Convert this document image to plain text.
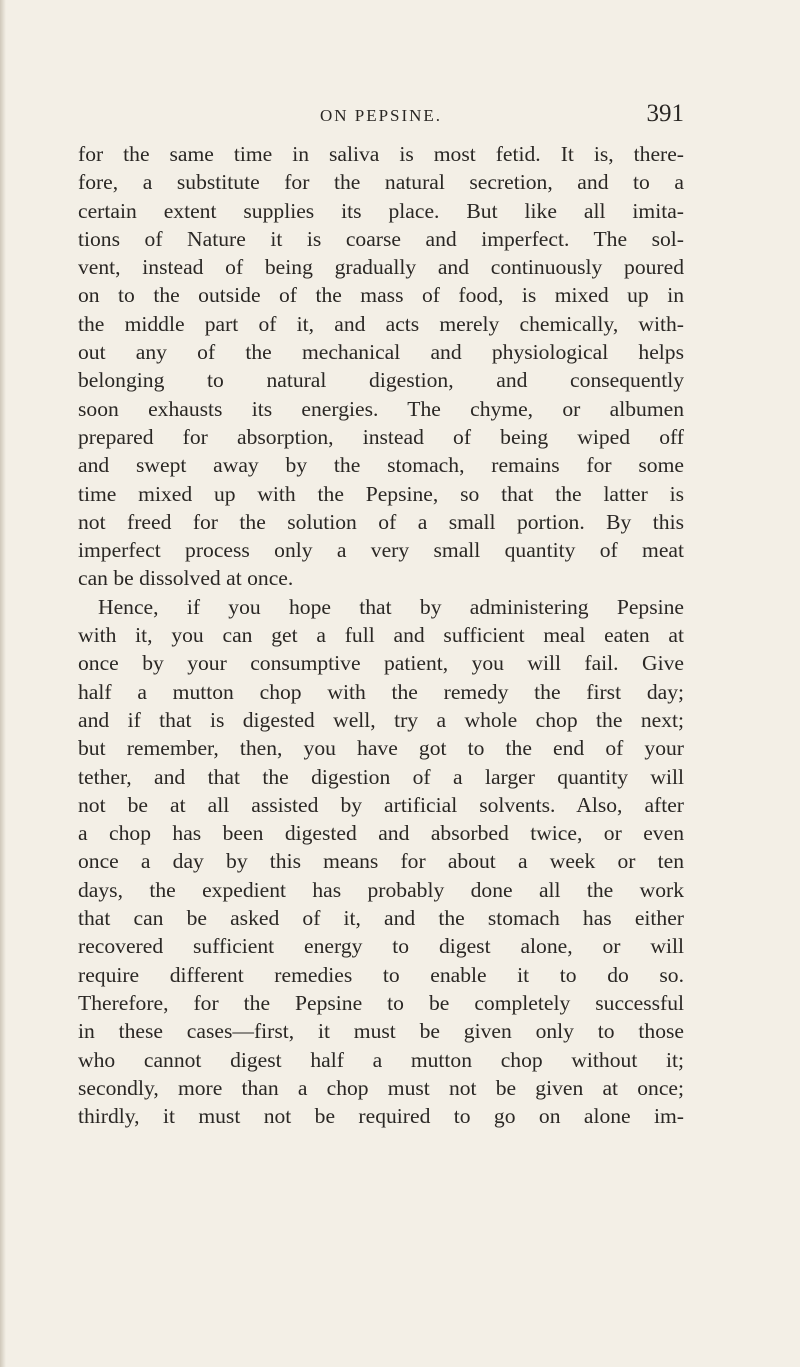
ON PEPSINE.	391
for the same time in saliva is most fetid. It is, there-
fore, a substitute for the natural secretion, and to a
certain extent supplies its place. But like all imita-
tions of Nature it is coarse and imperfect. The sol-
vent, instead of being gradually and continuously poured
on to the outside of the mass of food, is mixed up in
the middle part of it, and acts merely chemically, with-
out any of the mechanical and physiological helps
belonging to natural digestion, and consequently
soon exhausts its energies. The chyme, or albumen
prepared for absorption, instead of being wiped off
and swept away by the stomach, remains for some
time mixed up with the Pepsine, so that the latter is
not freed for the solution of a small portion. By this
imperfect process only a very small quantity of meat
can be dissolved at once.
Hence, if you hope that by administering Pepsine
with it, you can get a full and sufficient meal eaten at
once by your consumptive patient, you will fail. Give
half a mutton chop with the remedy the first day;
and if that is digested well, try a whole chop the next;
but remember, then, you have got to the end of your
tether, and that the digestion of a larger quantity will
not be at all assisted by artificial solvents. Also, after
a chop has been digested and absorbed twice, or even
once a day by this means for about a week or ten
days, the expedient has probably done all the work
that can be asked of it, and the stomach has either
recovered sufficient energy to digest alone, or will
require different remedies to enable it to do so.
Therefore, for the Pepsine to be completely successful
in these cases—first, it must be given only to those
who cannot digest half a mutton chop without it;
secondly, more than a chop must not be given at once;
thirdly, it must not be required to go on alone im-
